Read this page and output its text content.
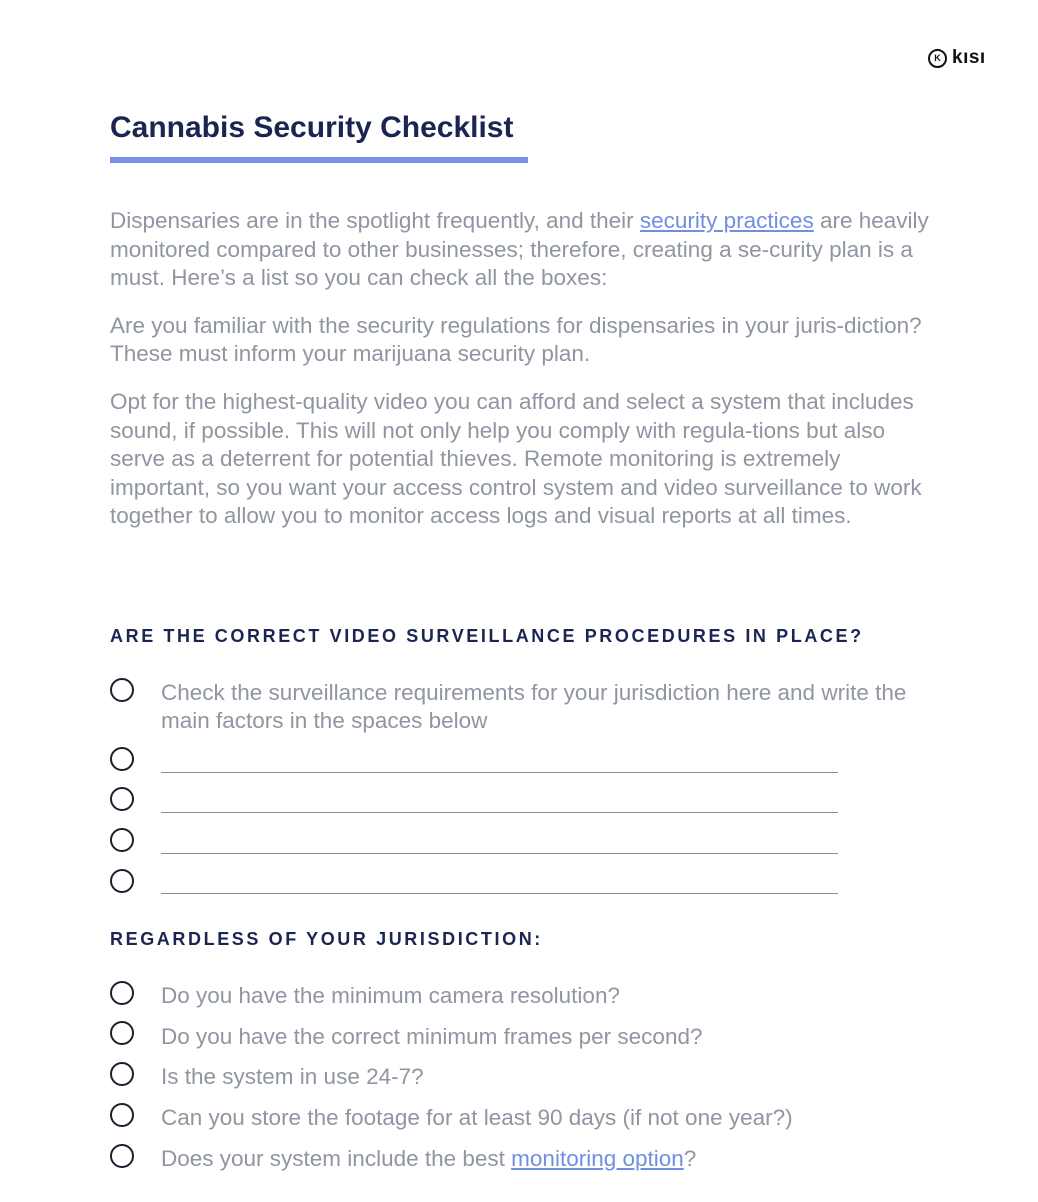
K kısı
Cannabis Security Checklist

Dispensaries are in the spotlight frequently, and their security practices are heavily monitored compared to other businesses; therefore, creating a se-curity plan is a must. Here’s a list so you can check all the boxes:

Are you familiar with the security regulations for dispensaries in your juris-diction? These must inform your marijuana security plan.

Opt for the highest-quality video you can afford and select a system that includes sound, if possible. This will not only help you comply with regula-tions but also serve as a deterrent for potential thieves. Remote monitoring is extremely important, so you want your access control system and video surveillance to work together to allow you to monitor access logs and visual reports at all times.

ARE THE CORRECT VIDEO SURVEILLANCE PROCEDURES IN PLACE?

Check the surveillance requirements for your jurisdiction here and write the main factors in the spaces below

REGARDLESS OF YOUR JURISDICTION:

Do you have the minimum camera resolution?

Do you have the correct minimum frames per second?

Is the system in use 24-7?

Can you store the footage for at least 90 days (if not one year?)

Does your system include the best monitoring option?
